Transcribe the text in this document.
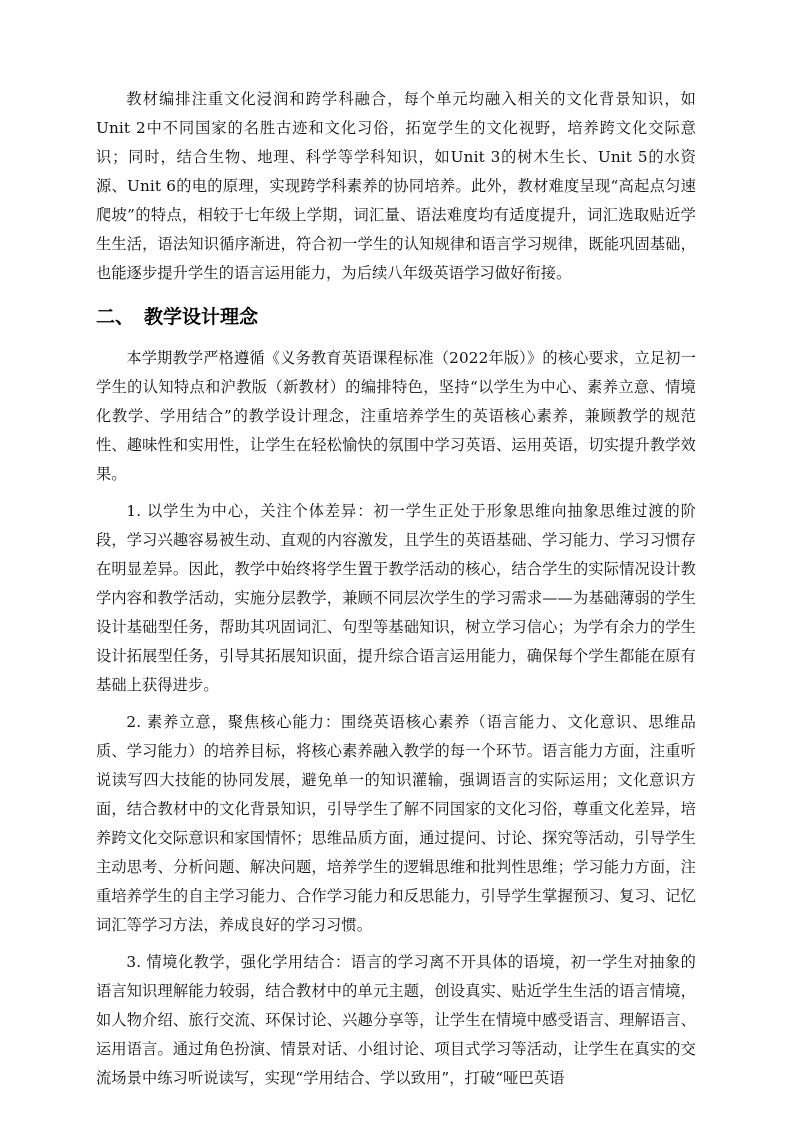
教材编排注重文化浸润和跨学科融合，每个单元均融入相关的文化背景知识，如Unit 2中不同国家的名胜古迹和文化习俗，拓宽学生的文化视野，培养跨文化交际意识；同时，结合生物、地理、科学等学科知识，如Unit 3的树木生长、Unit 5的水资源、Unit 6的电的原理，实现跨学科素养的协同培养。此外，教材难度呈现“高起点匀速爬坡”的特点，相较于七年级上学期，词汇量、语法难度均有适度提升，词汇选取贴近学生生活，语法知识循序渐进，符合初一学生的认知规律和语言学习规律，既能巩固基础，也能逐步提升学生的语言运用能力，为后续八年级英语学习做好衔接。

二、 教学设计理念

本学期教学严格遵循《义务教育英语课程标准（2022年版）》的核心要求，立足初一学生的认知特点和沪教版（新教材）的编排特色，坚持“以学生为中心、素养立意、情境化教学、学用结合”的教学设计理念，注重培养学生的英语核心素养，兼顾教学的规范性、趣味性和实用性，让学生在轻松愉快的氛围中学习英语、运用英语，切实提升教学效果。

1. 以学生为中心，关注个体差异：初一学生正处于形象思维向抽象思维过渡的阶段，学习兴趣容易被生动、直观的内容激发，且学生的英语基础、学习能力、学习习惯存在明显差异。因此，教学中始终将学生置于教学活动的核心，结合学生的实际情况设计教学内容和教学活动，实施分层教学，兼顾不同层次学生的学习需求——为基础薄弱的学生设计基础型任务，帮助其巩固词汇、句型等基础知识，树立学习信心；为学有余力的学生设计拓展型任务，引导其拓展知识面，提升综合语言运用能力，确保每个学生都能在原有基础上获得进步。

2. 素养立意，聚焦核心能力：围绕英语核心素养（语言能力、文化意识、思维品质、学习能力）的培养目标，将核心素养融入教学的每一个环节。语言能力方面，注重听说读写四大技能的协同发展，避免单一的知识灌输，强调语言的实际运用；文化意识方面，结合教材中的文化背景知识，引导学生了解不同国家的文化习俗，尊重文化差异，培养跨文化交际意识和家国情怀；思维品质方面，通过提问、讨论、探究等活动，引导学生主动思考、分析问题、解决问题，培养学生的逻辑思维和批判性思维；学习能力方面，注重培养学生的自主学习能力、合作学习能力和反思能力，引导学生掌握预习、复习、记忆词汇等学习方法，养成良好的学习习惯。

3. 情境化教学，强化学用结合：语言的学习离不开具体的语境，初一学生对抽象的语言知识理解能力较弱，结合教材中的单元主题，创设真实、贴近学生生活的语言情境，如人物介绍、旅行交流、环保讨论、兴趣分享等，让学生在情境中感受语言、理解语言、运用语言。通过角色扮演、情景对话、小组讨论、项目式学习等活动，让学生在真实的交流场景中练习听说读写，实现“学用结合、学以致用”，打破“哑巴英语
